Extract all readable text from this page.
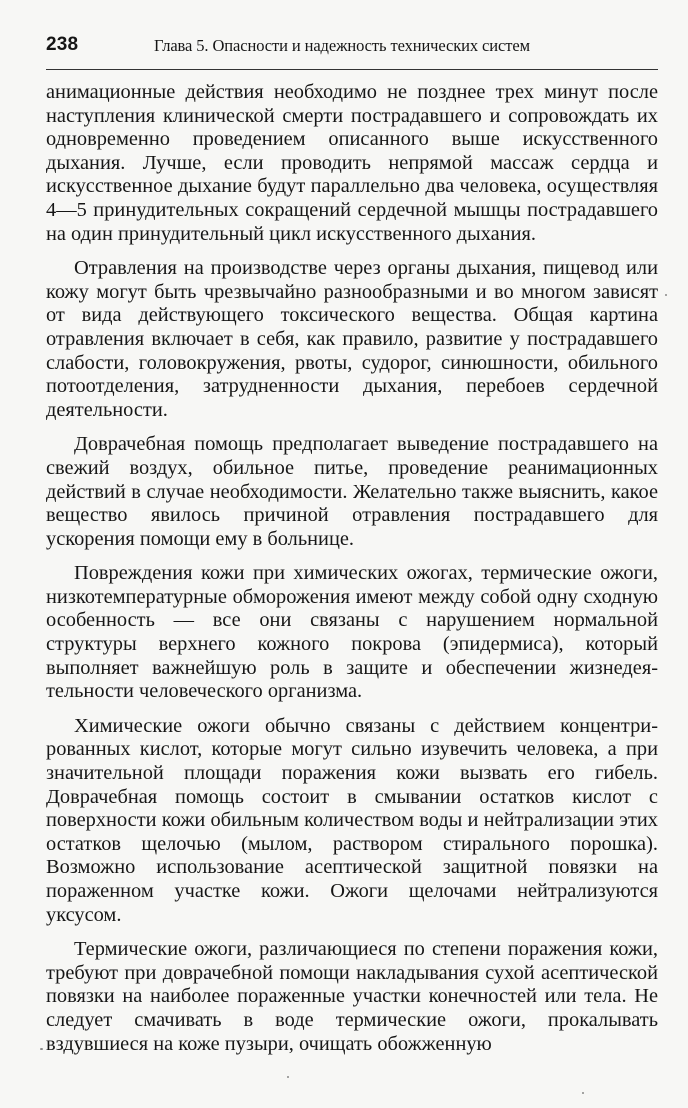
238	Глава 5. Опасности и надежность технических систем

анимационные действия необходимо не позднее трех минут после наступления клинической смерти пострадавшего и сопровождать их одновременно проведением описанного выше искусственного дыхания. Лучше, если проводить непрямой массаж сердца и искусственное дыхание будут параллельно два человека, осуществляя 4—5 принудительных сокращений сердечной мышцы пострадавшего на один принудительный цикл искусственного дыхания.

Отравления на производстве через органы дыхания, пищевод или кожу могут быть чрезвычайно разнообразными и во многом зависят от вида действующего токсического вещества. Общая картина отравления включает в себя, как правило, развитие у пострадавшего слабости, головокружения, рвоты, судорог, синюшности, обильного потоотделения, затрудненности дыхания, перебоев сердечной деятельности.

Доврачебная помощь предполагает выведение пострадавшего на свежий воздух, обильное питье, проведение реанимационных действий в случае необходимости. Желательно также выяснить, какое вещество явилось причиной отравления пострадавшего для ускорения помощи ему в больнице.

Повреждения кожи при химических ожогах, термические ожоги, низкотемпературные обморожения имеют между собой одну сходную особенность — все они связаны с нарушением нормальной структуры верхнего кожного покрова (эпидермиса), который выполняет важнейшую роль в защите и обеспечении жизнедеятельности человеческого организма.

Химические ожоги обычно связаны с действием концентрированных кислот, которые могут сильно изувечить человека, а при значительной площади поражения кожи вызвать его гибель. Доврачебная помощь состоит в смывании остатков кислот с поверхности кожи обильным количеством воды и нейтрализации этих остатков щелочью (мылом, раствором стирального порошка). Возможно использование асептической защитной повязки на пораженном участке кожи. Ожоги щелочами нейтрализуются уксусом.

Термические ожоги, различающиеся по степени поражения кожи, требуют при доврачебной помощи накладывания сухой асептической повязки на наиболее пораженные участки конечностей или тела. Не следует смачивать в воде термические ожоги, прокалывать вздувшиеся на коже пузыри, очищать обожженную
